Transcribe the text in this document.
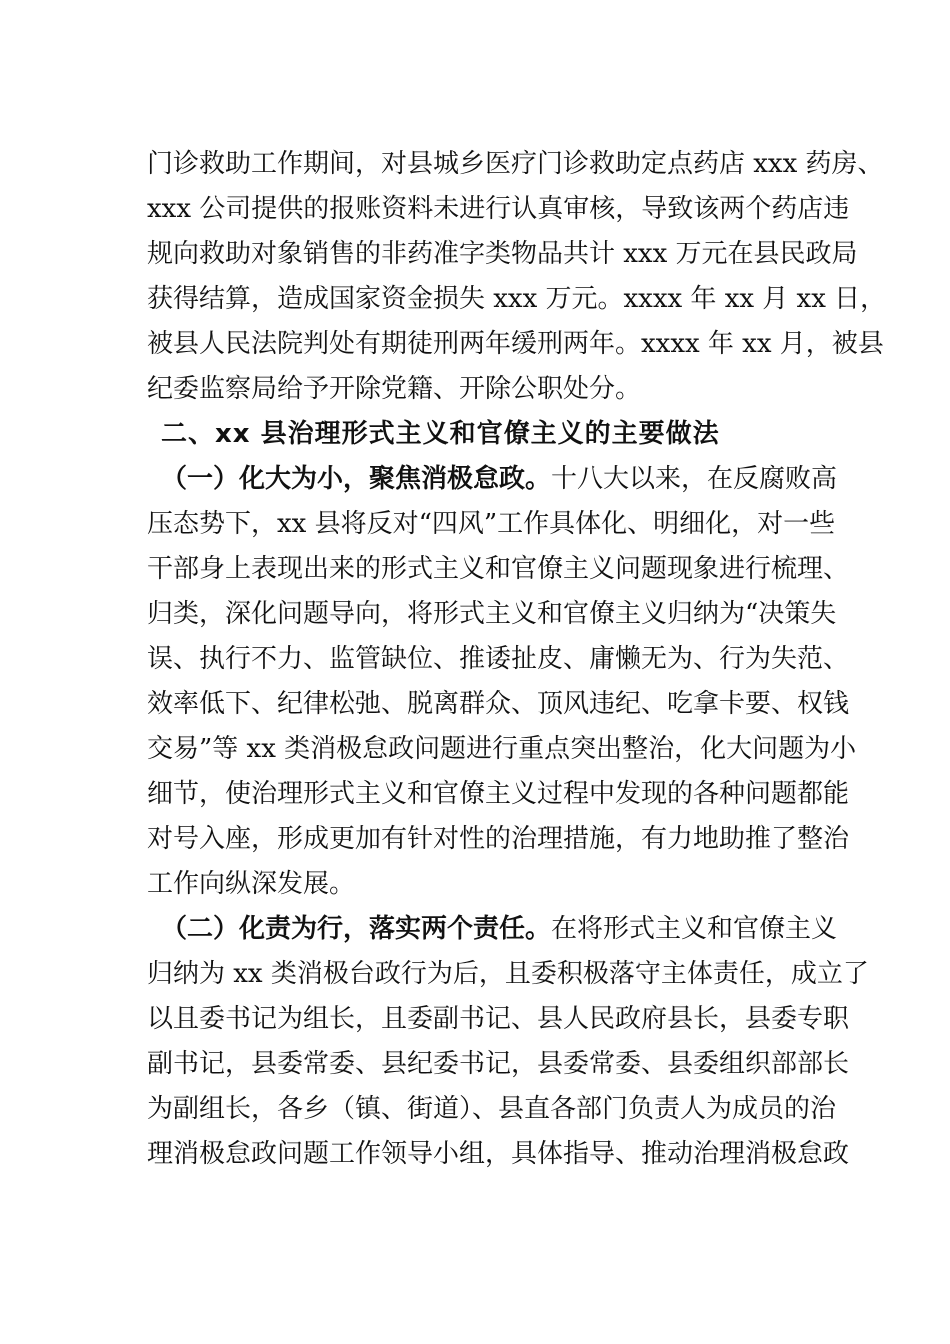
门诊救助工作期间，对县城乡医疗门诊救助定点药店 xxx 药房、
xxx 公司提供的报账资料未进行认真审核，导致该两个药店违
规向救助对象销售的非药准字类物品共计 xxx 万元在县民政局
获得结算，造成国家资金损失 xxx 万元。xxxx 年 xx 月 xx 日，
被县人民法院判处有期徒刑两年缓刑两年。xxxx 年 xx 月，被县
纪委监察局给予开除党籍、开除公职处分。
二、xx 县治理形式主义和官僚主义的主要做法
（一）化大为小，聚焦消极怠政。十八大以来，在反腐败高
压态势下，xx 县将反对“四风”工作具体化、明细化，对一些
干部身上表现出来的形式主义和官僚主义问题现象进行梳理、
归类，深化问题导向，将形式主义和官僚主义归纳为“决策失
误、执行不力、监管缺位、推诿扯皮、庸懒无为、行为失范、
效率低下、纪律松弛、脱离群众、顶风违纪、吃拿卡要、权钱
交易”等 xx 类消极怠政问题进行重点突出整治，化大问题为小
细节，使治理形式主义和官僚主义过程中发现的各种问题都能
对号入座，形成更加有针对性的治理措施，有力地助推了整治
工作向纵深发展。
（二）化责为行，落实两个责任。在将形式主义和官僚主义
归纳为 xx 类消极台政行为后，且委积极落守主体责任，成立了
以且委书记为组长，且委副书记、县人民政府县长，县委专职
副书记，县委常委、县纪委书记，县委常委、县委组织部部长
为副组长，各乡（镇、街道）、县直各部门负责人为成员的治
理消极怠政问题工作领导小组，具体指导、推动治理消极怠政
